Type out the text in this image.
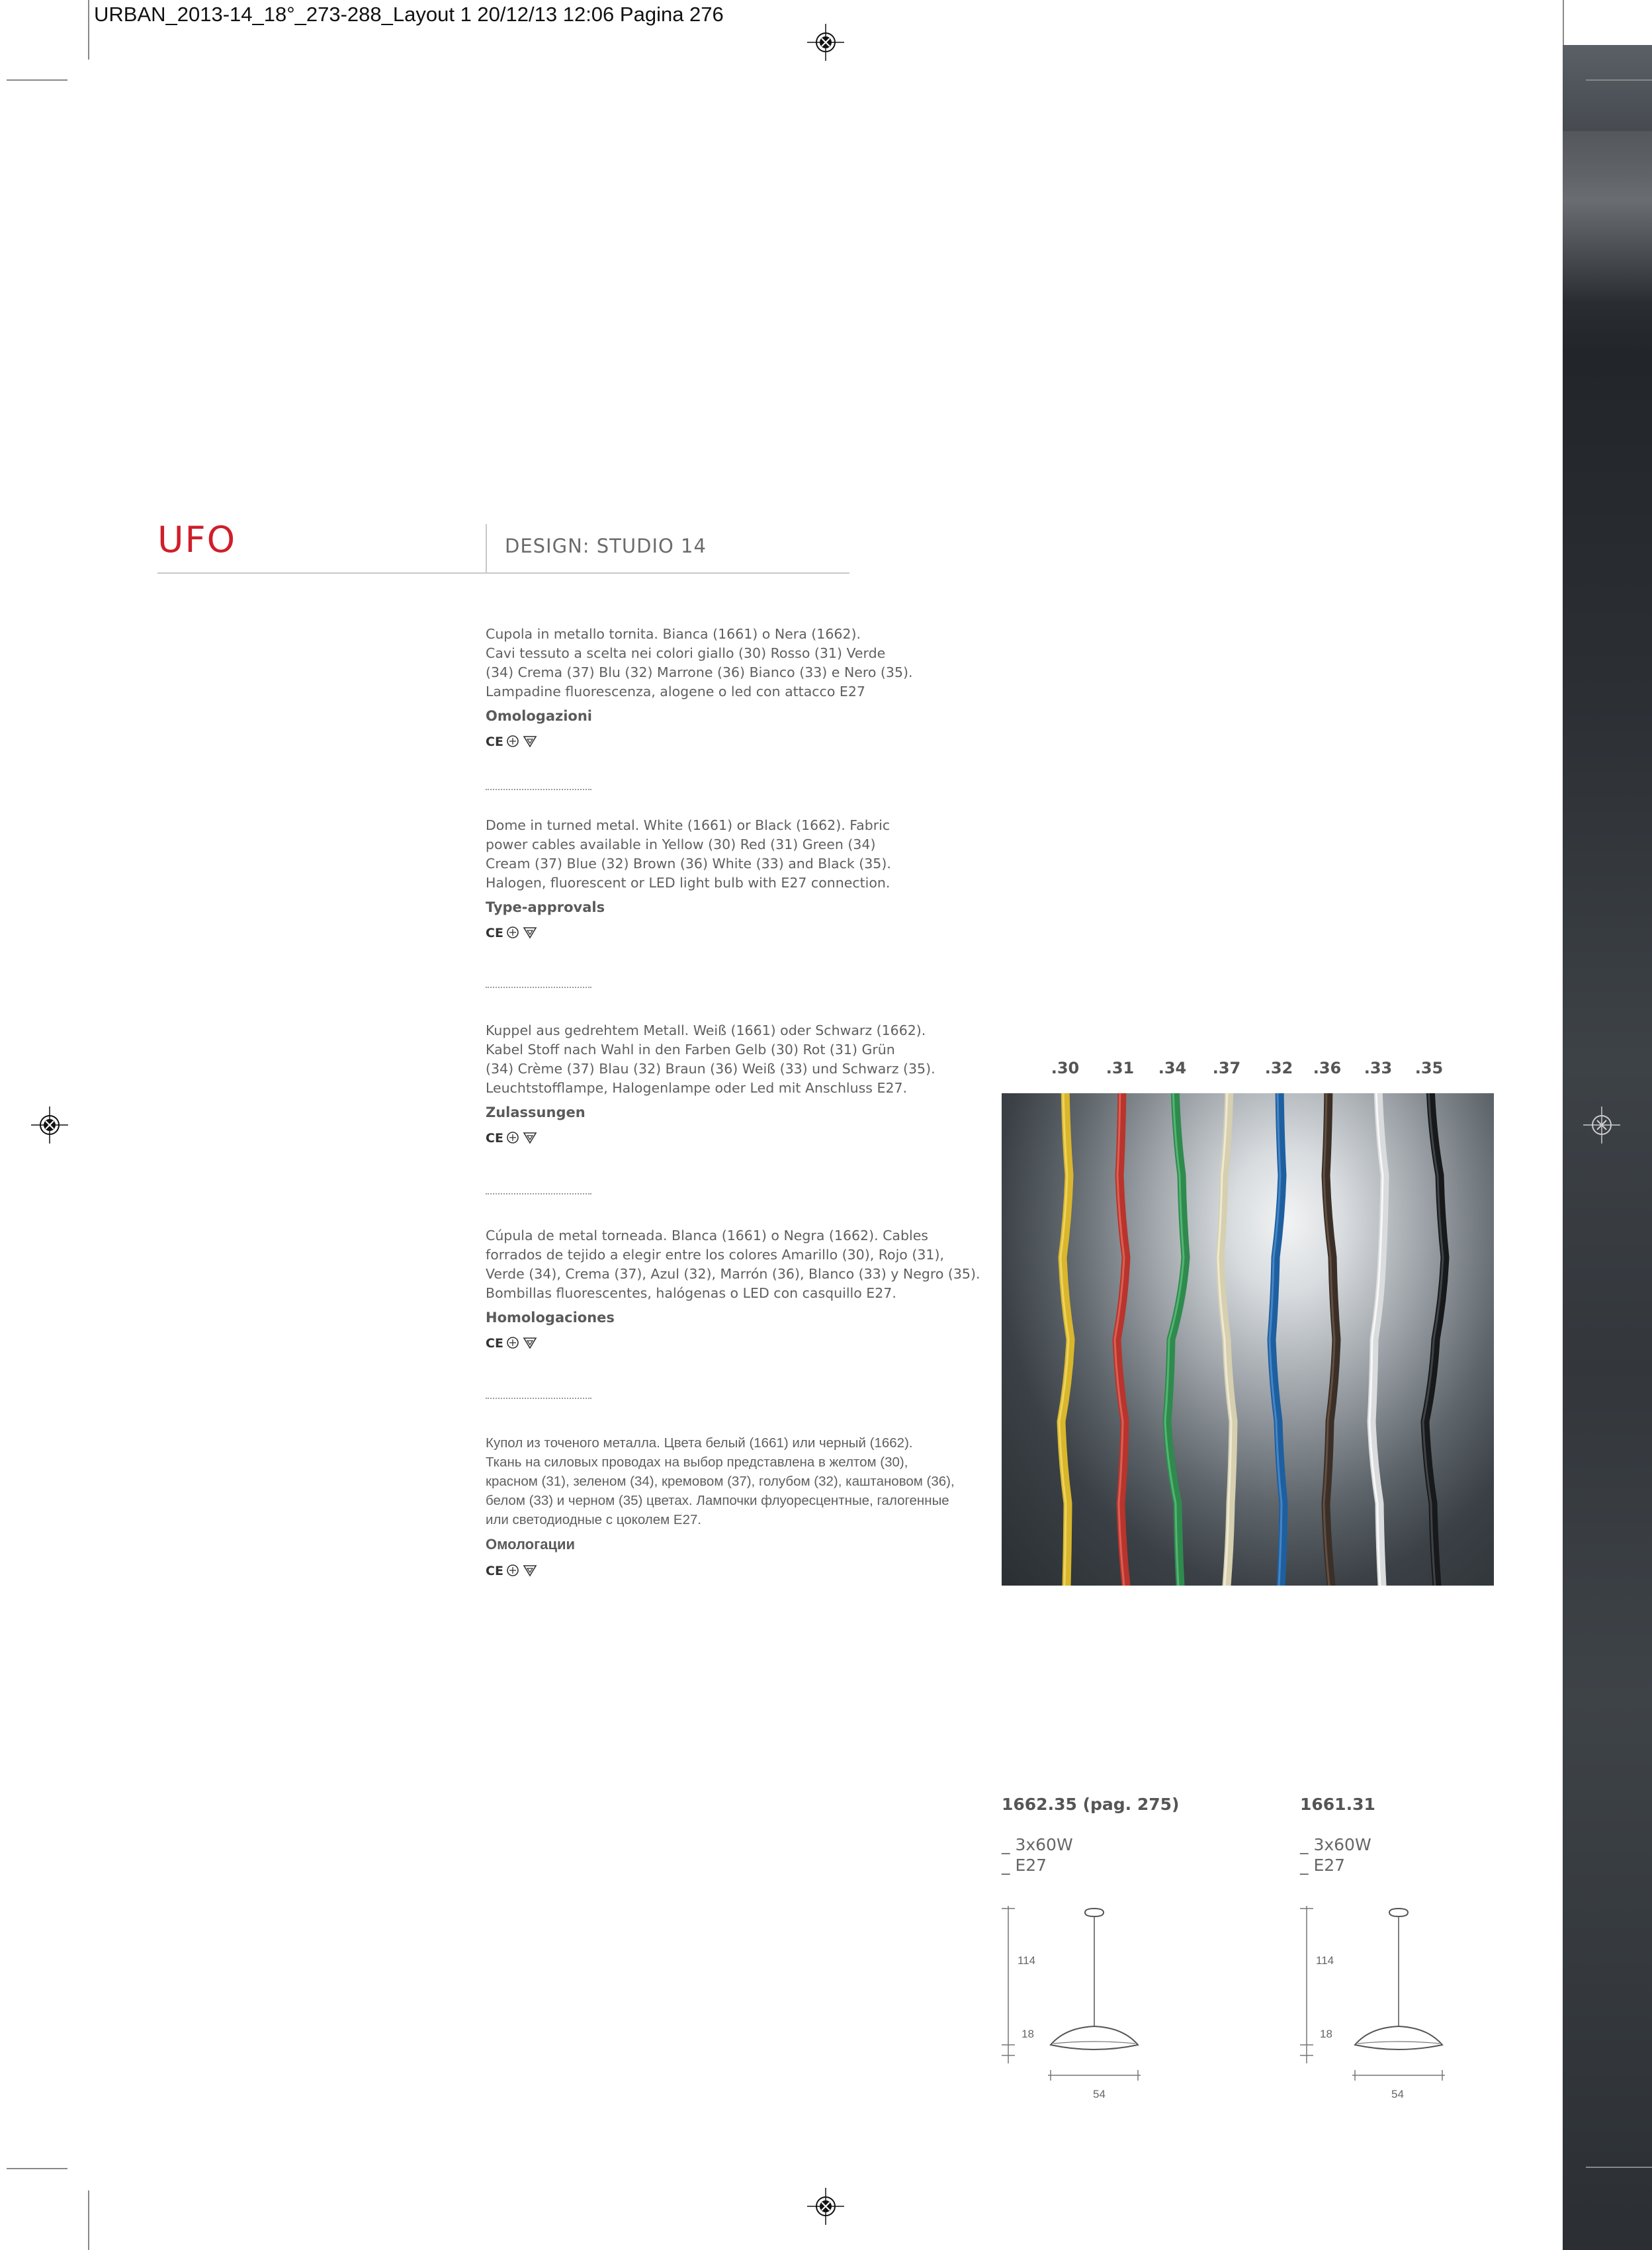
URBAN_2013-14_18°_273-288_Layout 1 20/12/13 12:06 Pagina 276
UFO	DESIGN: STUDIO 14

Cupola in metallo tornita. Bianca (1661) o Nera (1662).

Cavi tessuto a scelta nei colori giallo (30) Rosso (31) Verde

(34) Crema (37) Blu (32) Marrone (36) Bianco (33) e Nero (35).

Lampadine fluorescenza, alogene o led con attacco E27

Omologazioni
CE

Dome in turned metal. White (1661) or Black (1662). Fabric

power cables available in Yellow (30) Red (31) Green (34)

Cream (37) Blue (32) Brown (36) White (33) and Black (35).

Halogen, fluorescent or LED light bulb with E27 connection.

Type-approvals
CE

Kuppel aus gedrehtem Metall. Weiß (1661) oder Schwarz (1662).

Kabel Stoff nach Wahl in den Farben Gelb (30) Rot (31) Grün

(34) Crème (37) Blau (32) Braun (36) Weiß (33) und Schwarz (35).

Leuchtstofflampe, Halogenlampe oder Led mit Anschluss E27.

Zulassungen
CE

Cúpula de metal torneada. Blanca (1661) o Negra (1662). Cables

forrados de tejido a elegir entre los colores Amarillo (30), Rojo (31),

Verde (34), Crema (37), Azul (32), Marrón (36), Blanco (33) y Negro (35).

Bombillas fluorescentes, halógenas o LED con casquillo E27.

Homologaciones
CE

Купол из точеного металла. Цвета белый (1661) или черный (1662).

Ткань на силовых проводах на выбор представлена в желтом (30),

красном (31), зеленом (34), кремовом (37), голубом (32), каштановом (36),

белом (33) и черном (35) цветах. Лампочки флуоресцентные, галогенные

или светодиодные с цоколем E27.

Омологации
CE
.30 .31 .34 .37 .32 .36 .33 .35
1662.35 (pag. 275)
_ 3x60W
_ E27
114
18
54
1661.31
_ 3x60W
_ E27
114
18
54
